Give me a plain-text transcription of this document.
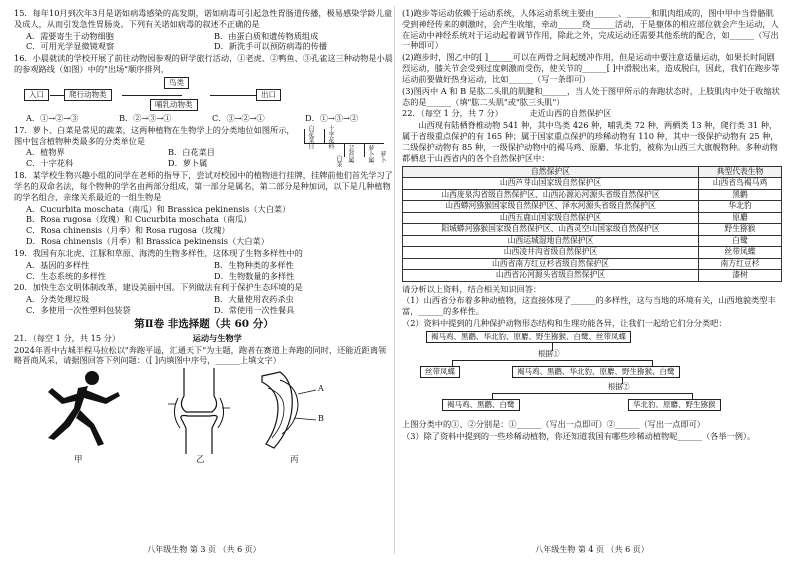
15．每年10月到次年3月是诺如病毒感染的高发期，诺如病毒可引起急性胃肠道传播，极易感染学龄儿童及成人，从而引发急性胃肠炎。下列有关诺如病毒的叙述不正确的是

A．需要寄生于动物细胞	B．由蛋白质和遗传物质组成
C．可用光学显微镜观察	D．新洗手可以预防病毒的传播

16．小晨就读的学校开展了前往动物园参观的研学旅行活动，①老虎、②鸭鱼、③孔雀这三种动物是小晨的参观路线（如图）中的"出场"顺序排列，

入口	爬行动物类
鸟类
哺乳动物类
出口
A．①→②→③	B．②→③→①	C．③→②→①	D．①→③→②

17．萝卜、白菜是常见的蔬菜，这两种植物在生物学上的分类地位如图所示，图中包含植物种类最多的分类单位是

A．植物界	B．白花菜目
C．十字花科	D．萝卜属
白花菜目 十字花科
芸苔属 萝卜属 萝卜
白菜

18．某学校生物兴趣小组的同学在老师的指导下，尝试对校园中的植物进行挂牌，挂牌前他们首先学习了学名的双命名法，每个物种的学名由两部分组成，第一部分是属名，第二部分是种加词，以下是几种植物的学名组合，亲缘关系最近的一组生物是

A．Cucurbita moschata（南瓜）和 Brassica pekinensis（大白菜）
B．Rosa rugosa（玫瑰）和 Cucurbita moschata（南瓜）
C．Rosa chinensis（月季）和 Rosa rugosa（玫瑰）
D．Rosa chinensis（月季）和 Brassica pekinensis（大白菜）

19．我国有东北虎、江豚和草原、海湾的生物多样性，这体现了生物多样性中的

A．基因的多样性	B．生物种类的多样性
C．生态系统的多样性	D．生物数量的多样性

20．加快生态文明体制改革，建设美丽中国。下列做法有利于保护生态环境的是

A．分类处理垃圾	B．大量使用农药杀虫
C．多使用一次性塑料包装袋	D．常使用一次性餐具
第Ⅱ卷 非选择题（共 60 分）

21．（每空 1 分，共 15 分）	运动与生物学

2024年晋中古城半程马拉松以"奔跑平遥，汇通天下"为主题，跑者在赛道上奔跑的同时，还能近距离领略晋商风采，请据图回答下列问题：（[ ]内填图中序号，______上填文字）

A
B
甲	乙	丙
八年级生物 第 3 页 （共 6 页）

(1)跑步等运动依赖于运动系统，人体运动系统主要由______、______和肌肉组成的，图中甲中当骨骼肌受到神经传来的刺激时，会产生收缩，牵动______绕______活动，于是躯体的相应部位就会产生运动，人在运动中神经系统对于运动起着调节作用，除此之外，完成运动还需要其他系统的配合，如______（写出一种即可）

(2)跑步时，图乙中的[ ]______可以在两骨之间起缓冲作用，但是运动中要注意适量运动，如果长时间剧烈运动，膝关节会受到过度刺激而受伤，使关节的______[ ]中滑脱出来，造成脱臼，因此，我们在跑步等运动前要做好热身运动，比如______（写一条即可）

(3)图丙中 A 和 B 是肱二头肌的肌腱和______，当人处于图甲所示的奔跑状态时，上肢肌肉中处于收缩状态的是______（填"肱二头肌"或"肱三头肌"）

22．（每空 1 分，共 7 分）	走近山西的自然保护区

山西现有陆栖脊椎动物 541 种，其中鸟类 426 种，哺乳类 72 种，两栖类 13 种，爬行类 31 种，属于省级重点保护的有 165 种；属于国家重点保护的珍稀动物有 110 种，其中一级保护动物有 25 种，二级保护动物有 85 种，一级保护动物中的褐马鸡、原麝、华北豹，被称为山西三大旗舰物种。多种动物都栖息于山西省内的各个自然保护区中：

自然保护区	典型代表生物
山西芦芽山国家级自然保护区	山西省鸟褐马鸡
山西庞泉沟省级自然保护区、山西沁源沁河源头省级自然保护区	黑鹳
山西蟒河猕猴国家级自然保护区、泽水河源头省级自然保护区	华北豹
山西五鹿山国家级自然保护区	原麝
阳城蟒河猕猴国家级自然保护区、山西灵空山国家级自然保护区	野生猕猴
山西运城湿地自然保护区	白鹭
山西凌井沟省级自然保护区	丝带凤蝶
山西省南方红豆杉省级自然保护区	南方红豆杉
山西省沁河源头省级自然保护区	漆树

请分析以上资料，结合相关知识回答：

（1）山西省分布着多种动植物，这直接体现了______的多样性，这与当地的环境有关，山西地貌类型丰富，______的多样性。

（2）资料中提到的几种保护动物形态结构和生理功能各异，让我们一起给它们分分类吧：

褐马鸡、黑鹳、华北豹、原麝、野生猕猴、白鹭、丝带凤蝶
根据①
丝带凤蝶	褐马鸡、黑鹳、华北豹、原麝、野生猕猴、白鹭
根据②
褐马鸡、黑鹳、白鹭	华北豹、原麝、野生猕猴

上图分类中的①、②分别是：①______（写出一点即可）②______（写出一点即可）

（3）除了资料中提到的一些珍稀动植物，你还知道我国有哪些珍稀动植物呢______（各举一例）。

八年级生物 第 4 页 （共 6 页）
